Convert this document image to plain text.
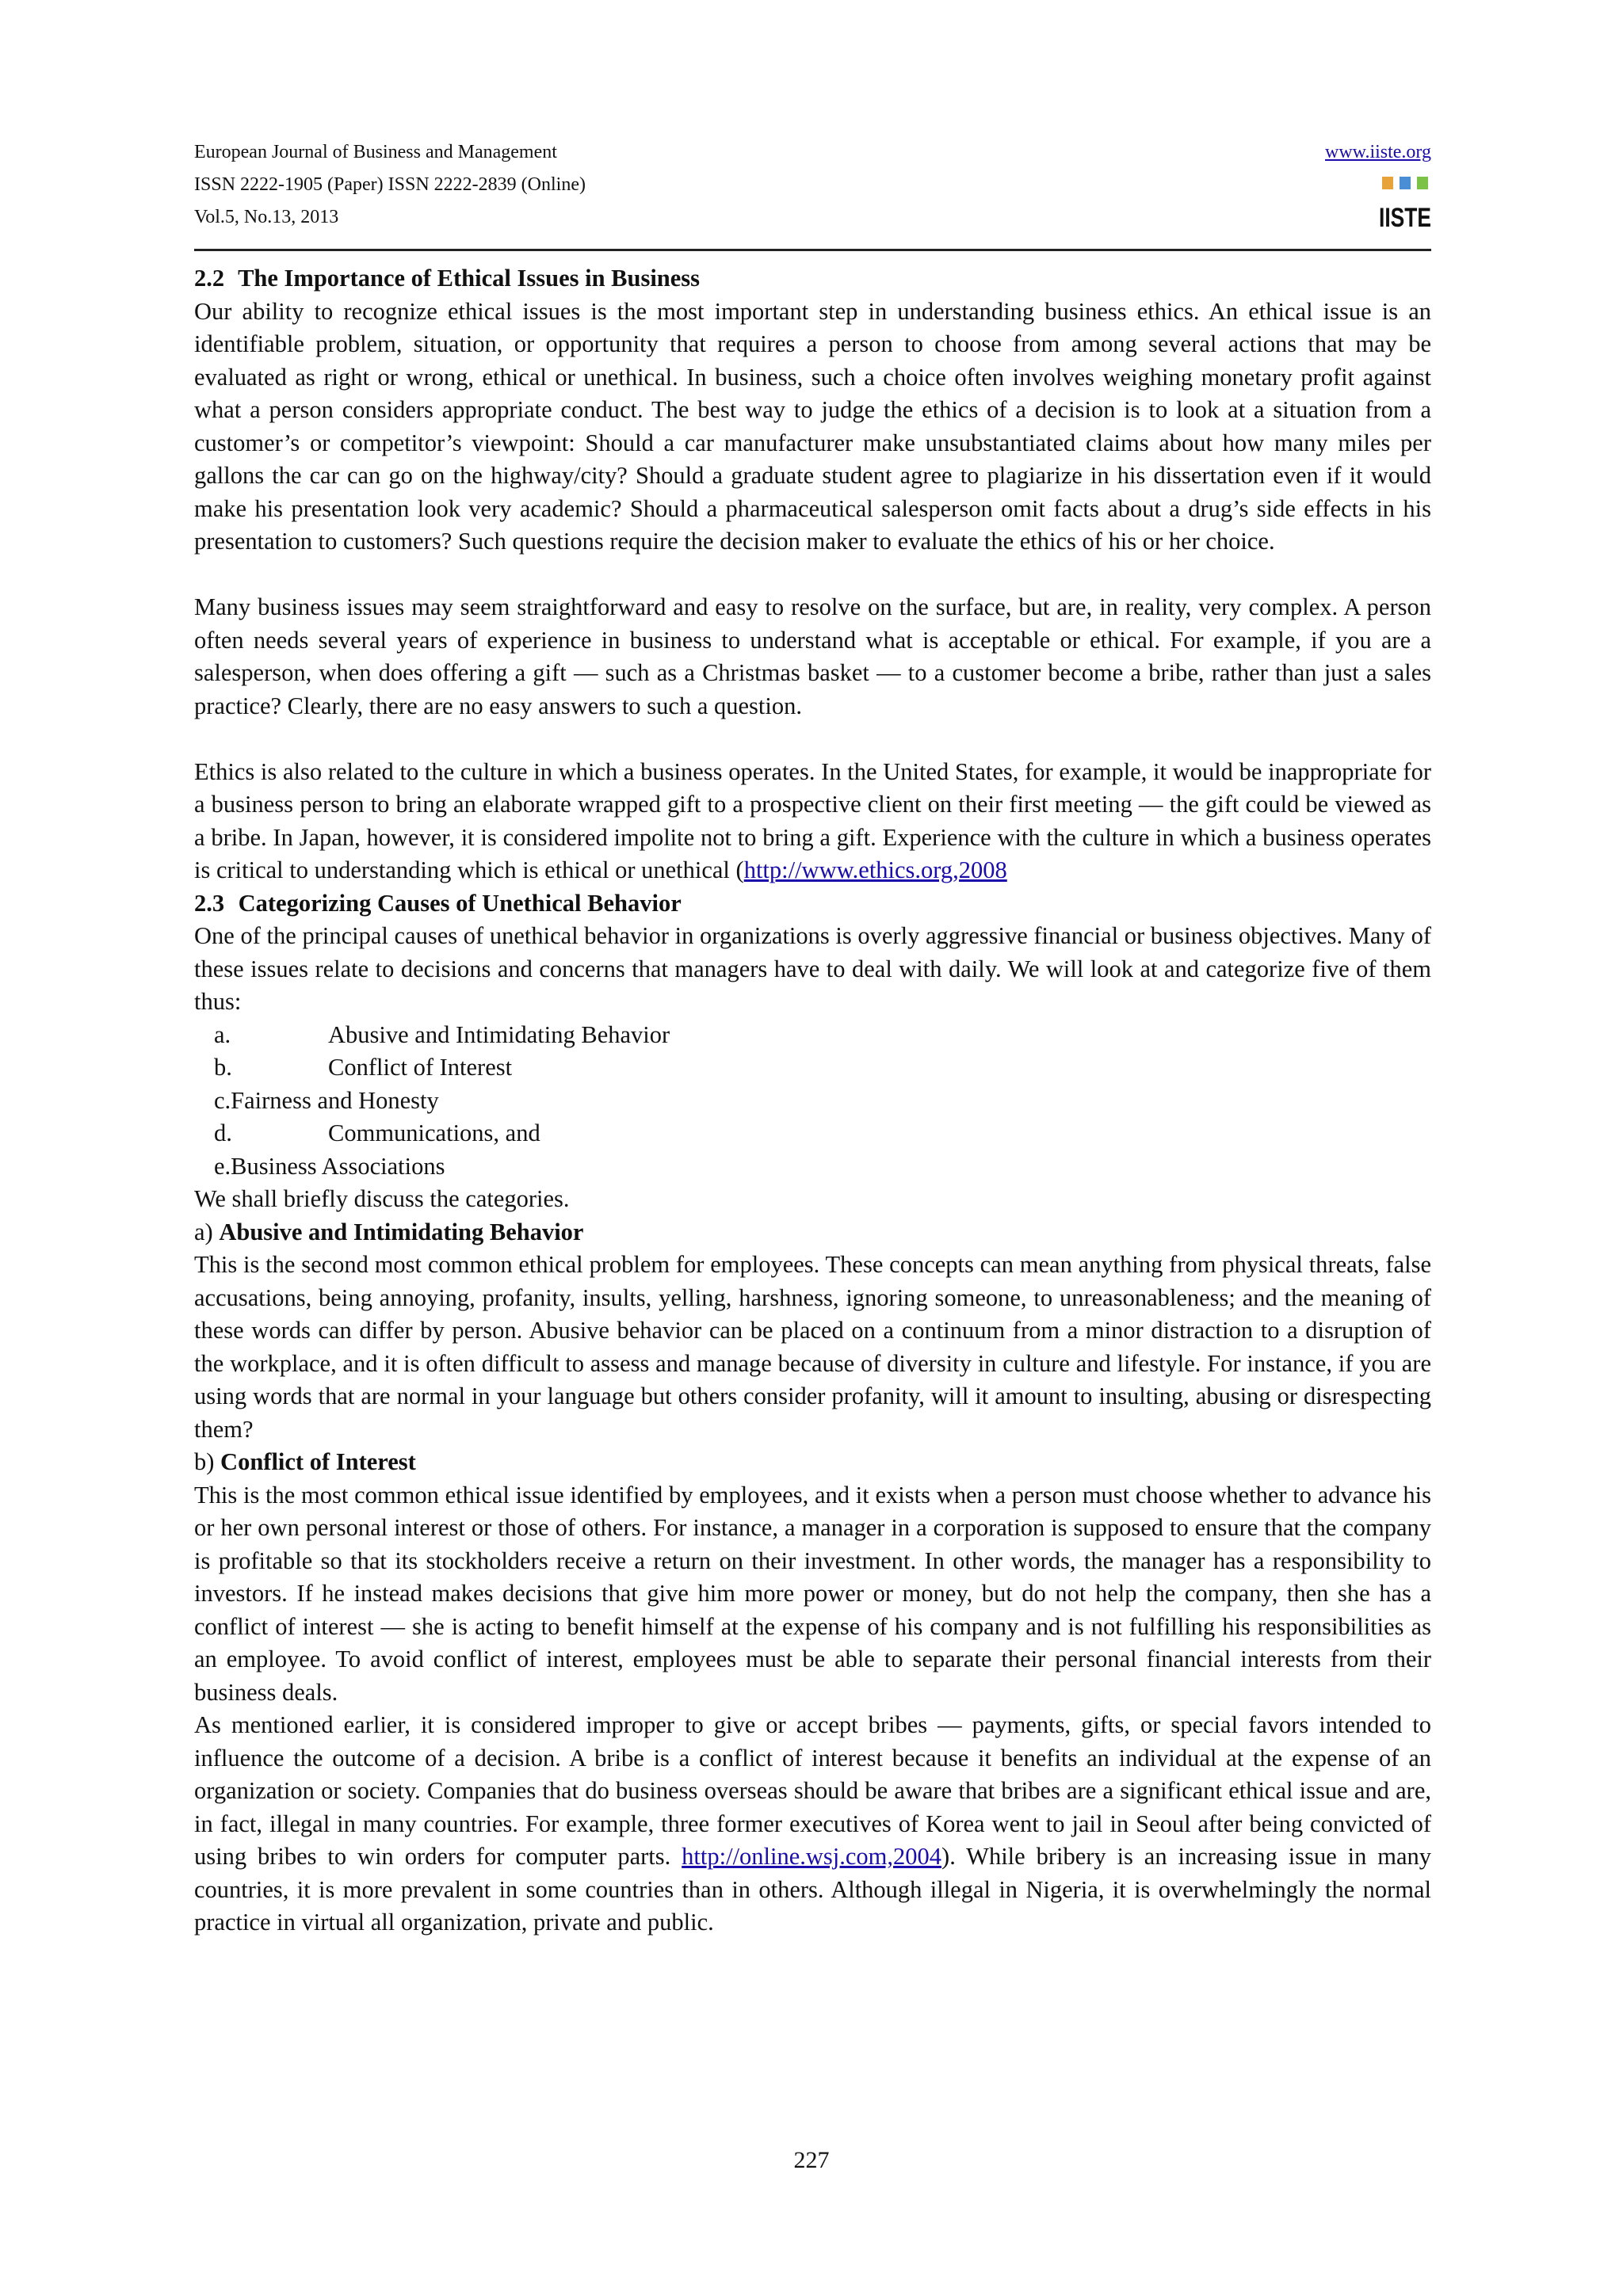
European Journal of Business and Management
ISSN 2222-1905 (Paper) ISSN 2222-2839 (Online)
Vol.5, No.13, 2013
www.iiste.org
IISTE

2.2 The Importance of Ethical Issues in Business

Our ability to recognize ethical issues is the most important step in understanding business ethics. An ethical issue is an identifiable problem, situation, or opportunity that requires a person to choose from among several actions that may be evaluated as right or wrong, ethical or unethical. In business, such a choice often involves weighing monetary profit against what a person considers appropriate conduct. The best way to judge the ethics of a decision is to look at a situation from a customer’s or competitor’s viewpoint: Should a car manufacturer make unsubstantiated claims about how many miles per gallons the car can go on the highway/city? Should a graduate student agree to plagiarize in his dissertation even if it would make his presentation look very academic? Should a pharmaceutical salesperson omit facts about a drug’s side effects in his presentation to customers? Such questions require the decision maker to evaluate the ethics of his or her choice.

Many business issues may seem straightforward and easy to resolve on the surface, but are, in reality, very complex. A person often needs several years of experience in business to understand what is acceptable or ethical. For example, if you are a salesperson, when does offering a gift — such as a Christmas basket — to a customer become a bribe, rather than just a sales practice? Clearly, there are no easy answers to such a question.

Ethics is also related to the culture in which a business operates. In the United States, for example, it would be inappropriate for a business person to bring an elaborate wrapped gift to a prospective client on their first meeting — the gift could be viewed as a bribe. In Japan, however, it is considered impolite not to bring a gift. Experience with the culture in which a business operates is critical to understanding which is ethical or unethical (http://www.ethics.org,2008

2.3 Categorizing Causes of Unethical Behavior

One of the principal causes of unethical behavior in organizations is overly aggressive financial or business objectives. Many of these issues relate to decisions and concerns that managers have to deal with daily. We will look at and categorize five of them thus:

a.	Abusive and Intimidating Behavior
b.	Conflict of Interest
c. Fairness and Honesty
d.	Communications, and
e. Business Associations

We shall briefly discuss the categories.

a) Abusive and Intimidating Behavior

This is the second most common ethical problem for employees. These concepts can mean anything from physical threats, false accusations, being annoying, profanity, insults, yelling, harshness, ignoring someone, to unreasonableness; and the meaning of these words can differ by person. Abusive behavior can be placed on a continuum from a minor distraction to a disruption of the workplace, and it is often difficult to assess and manage because of diversity in culture and lifestyle. For instance, if you are using words that are normal in your language but others consider profanity, will it amount to insulting, abusing or disrespecting them?

b) Conflict of Interest

This is the most common ethical issue identified by employees, and it exists when a person must choose whether to advance his or her own personal interest or those of others. For instance, a manager in a corporation is supposed to ensure that the company is profitable so that its stockholders receive a return on their investment. In other words, the manager has a responsibility to investors. If he instead makes decisions that give him more power or money, but do not help the company, then she has a conflict of interest — she is acting to benefit himself at the expense of his company and is not fulfilling his responsibilities as an employee. To avoid conflict of interest, employees must be able to separate their personal financial interests from their business deals.

As mentioned earlier, it is considered improper to give or accept bribes — payments, gifts, or special favors intended to influence the outcome of a decision. A bribe is a conflict of interest because it benefits an individual at the expense of an organization or society. Companies that do business overseas should be aware that bribes are a significant ethical issue and are, in fact, illegal in many countries. For example, three former executives of Korea went to jail in Seoul after being convicted of using bribes to win orders for computer parts. http://online.wsj.com,2004). While bribery is an increasing issue in many countries, it is more prevalent in some countries than in others. Although illegal in Nigeria, it is overwhelmingly the normal practice in virtual all organization, private and public.

227
